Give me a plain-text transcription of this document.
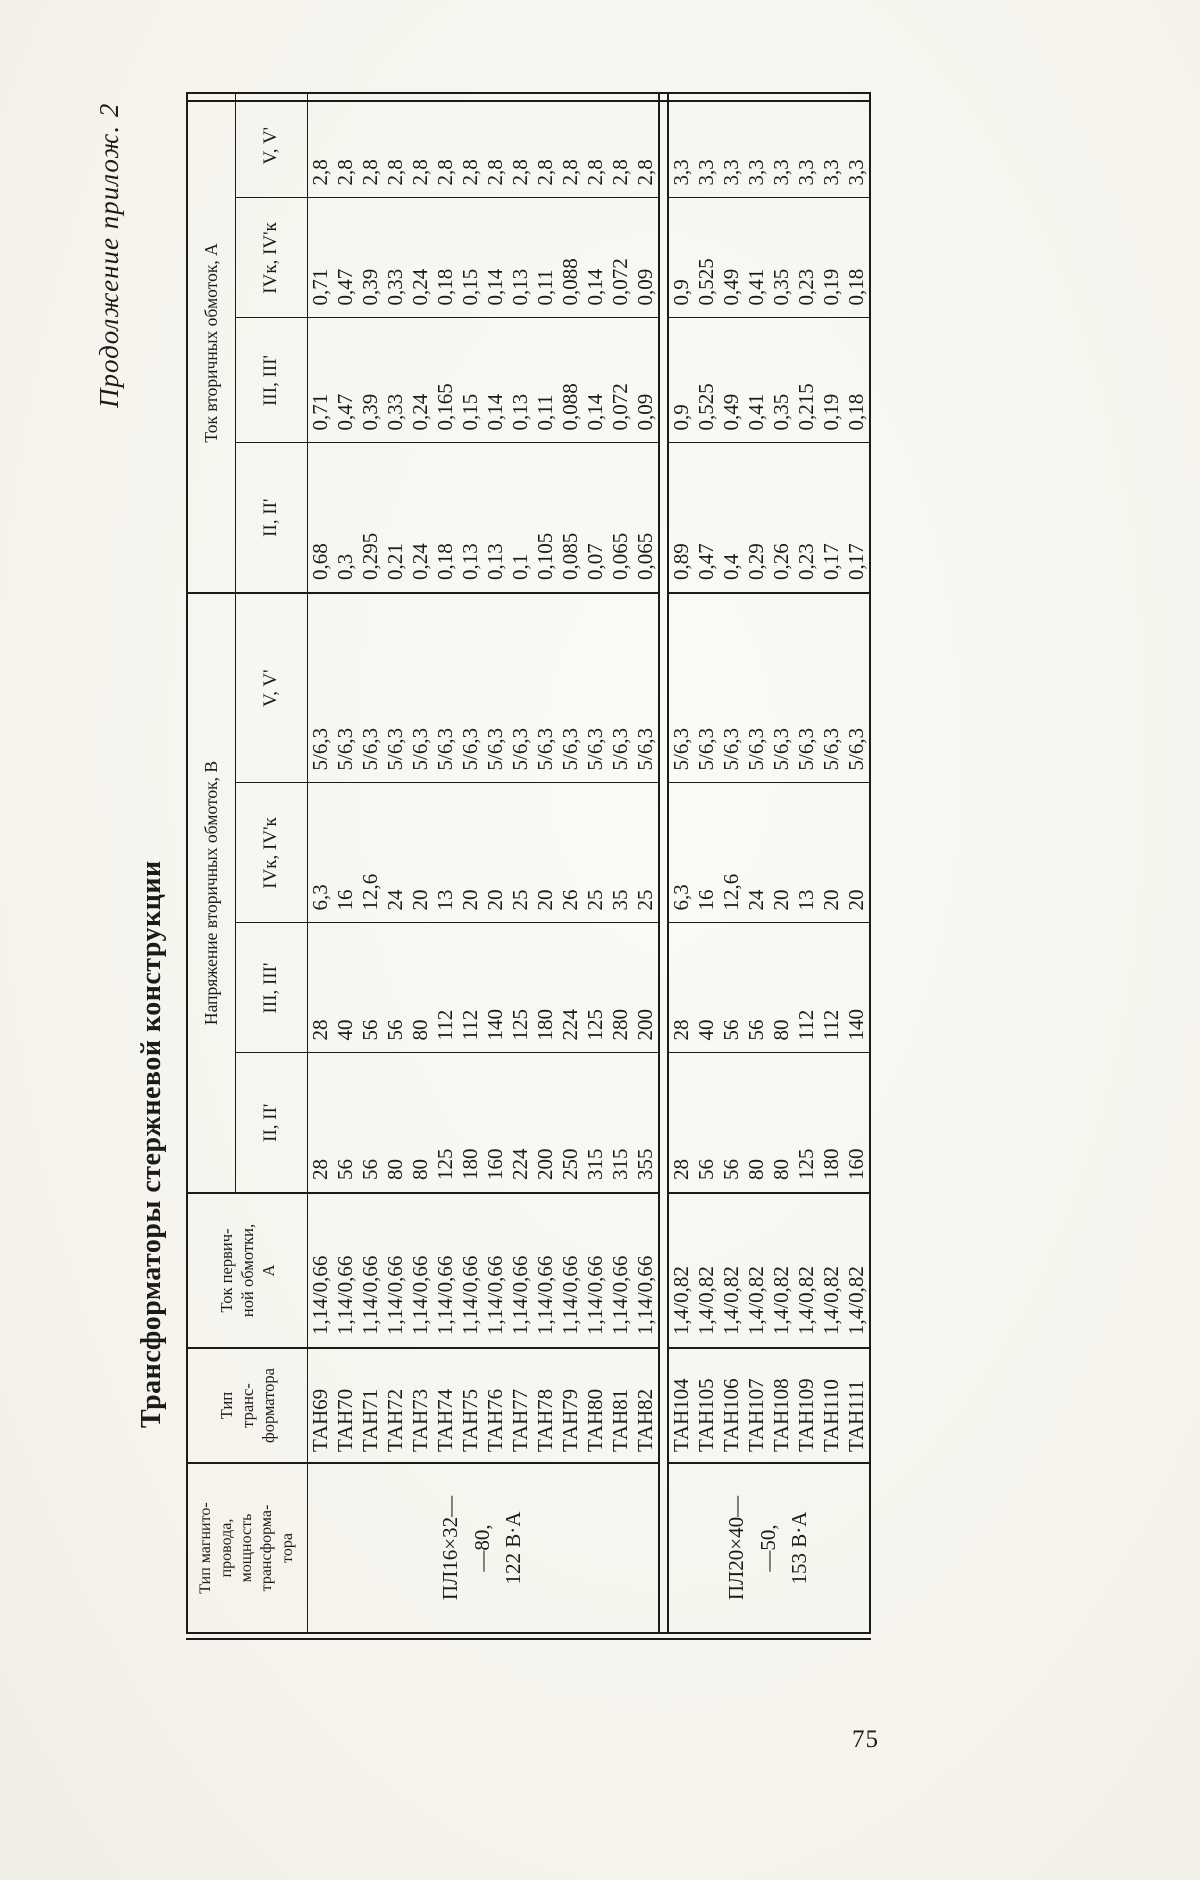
Продолжение прилож. 2
Трансформаторы стержневой конструкции
Тип магнито-
провода,
мощность
трансформа-
тора	Тип
транс-
форматора	Ток первич-
ной обмотки,
А	Напряжение вторичных обмоток, В				Ток вторичных обмоток, А			
			II, II'	III, III'	IVк, IV'к	V, V'	II, II'	III, III'	IVк, IV'к	V, V'
ПЛ16×32—
—80,
122 В·А	ТАН69	1,14/0,66	28	28	6,3	5/6,3	0,68	0,71	0,71	2,8
	ТАН70	1,14/0,66	56	40	16	5/6,3	0,3	0,47	0,47	2,8
	ТАН71	1,14/0,66	56	56	12,6	5/6,3	0,295	0,39	0,39	2,8
	ТАН72	1,14/0,66	80	56	24	5/6,3	0,21	0,33	0,33	2,8
	ТАН73	1,14/0,66	80	80	20	5/6,3	0,24	0,24	0,24	2,8
	ТАН74	1,14/0,66	125	112	13	5/6,3	0,18	0,165	0,18	2,8
	ТАН75	1,14/0,66	180	112	20	5/6,3	0,13	0,15	0,15	2,8
	ТАН76	1,14/0,66	160	140	20	5/6,3	0,13	0,14	0,14	2,8
	ТАН77	1,14/0,66	224	125	25	5/6,3	0,1	0,13	0,13	2,8
	ТАН78	1,14/0,66	200	180	20	5/6,3	0,105	0,11	0,11	2,8
	ТАН79	1,14/0,66	250	224	26	5/6,3	0,085	0,088	0,088	2,8
	ТАН80	1,14/0,66	315	125	25	5/6,3	0,07	0,14	0,14	2,8
	ТАН81	1,14/0,66	315	280	35	5/6,3	0,065	0,072	0,072	2,8
	ТАН82	1,14/0,66	355	200	25	5/6,3	0,065	0,09	0,09	2,8

ПЛ20×40—
—50,
153 В·А	ТАН104	1,4/0,82	28	28	6,3	5/6,3	0,89	0,9	0,9	3,3
	ТАН105	1,4/0,82	56	40	16	5/6,3	0,47	0,525	0,525	3,3
	ТАН106	1,4/0,82	56	56	12,6	5/6,3	0,4	0,49	0,49	3,3
	ТАН107	1,4/0,82	80	56	24	5/6,3	0,29	0,41	0,41	3,3
	ТАН108	1,4/0,82	80	80	20	5/6,3	0,26	0,35	0,35	3,3
	ТАН109	1,4/0,82	125	112	13	5/6,3	0,23	0,215	0,23	3,3
	ТАН110	1,4/0,82	180	112	20	5/6,3	0,17	0,19	0,19	3,3
	ТАН111	1,4/0,82	160	140	20	5/6,3	0,17	0,18	0,18	3,3
75
